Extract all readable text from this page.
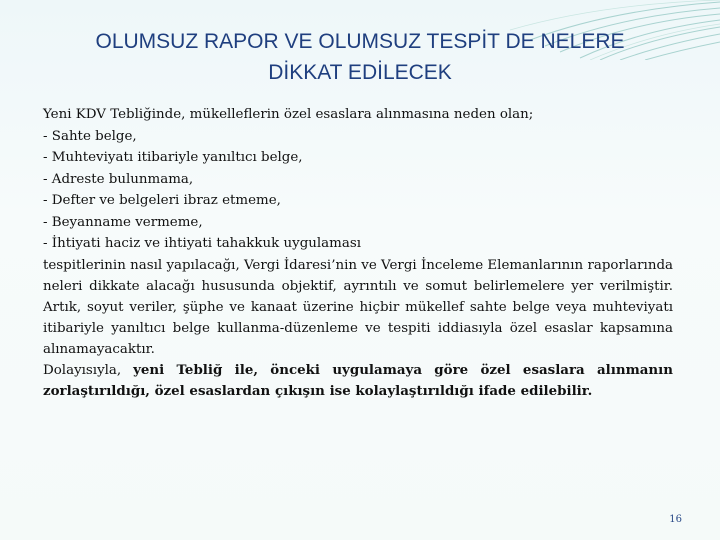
OLUMSUZ RAPOR VE OLUMSUZ TESPİT DE NELERE
DİKKAT EDİLECEK
Yeni KDV Tebliğinde, mükelleflerin özel esaslara alınmasına neden olan;
- Sahte belge,
- Muhteviyatı itibariyle yanıltıcı belge,
- Adreste bulunmama,
- Defter ve belgeleri ibraz etmeme,
- Beyanname vermeme,
- İhtiyati haciz ve ihtiyati tahakkuk uygulaması

tespitlerinin nasıl yapılacağı, Vergi İdaresi’nin ve Vergi İnceleme Elemanlarının raporlarında neleri dikkate alacağı hususunda objektif, ayrıntılı ve somut belirlemelere yer verilmiştir. Artık, soyut veriler, şüphe ve kanaat üzerine hiçbir mükellef sahte belge veya muhteviyatı itibariyle yanıltıcı belge kullanma-düzenleme ve tespiti iddiasıyla özel esaslar kapsamına alınamayacaktır.

Dolayısıyla, yeni Tebliğ ile, önceki uygulamaya göre özel esaslara alınmanın zorlaştırıldığı, özel esaslardan çıkışın ise kolaylaştırıldığı ifade edilebilir.

16
